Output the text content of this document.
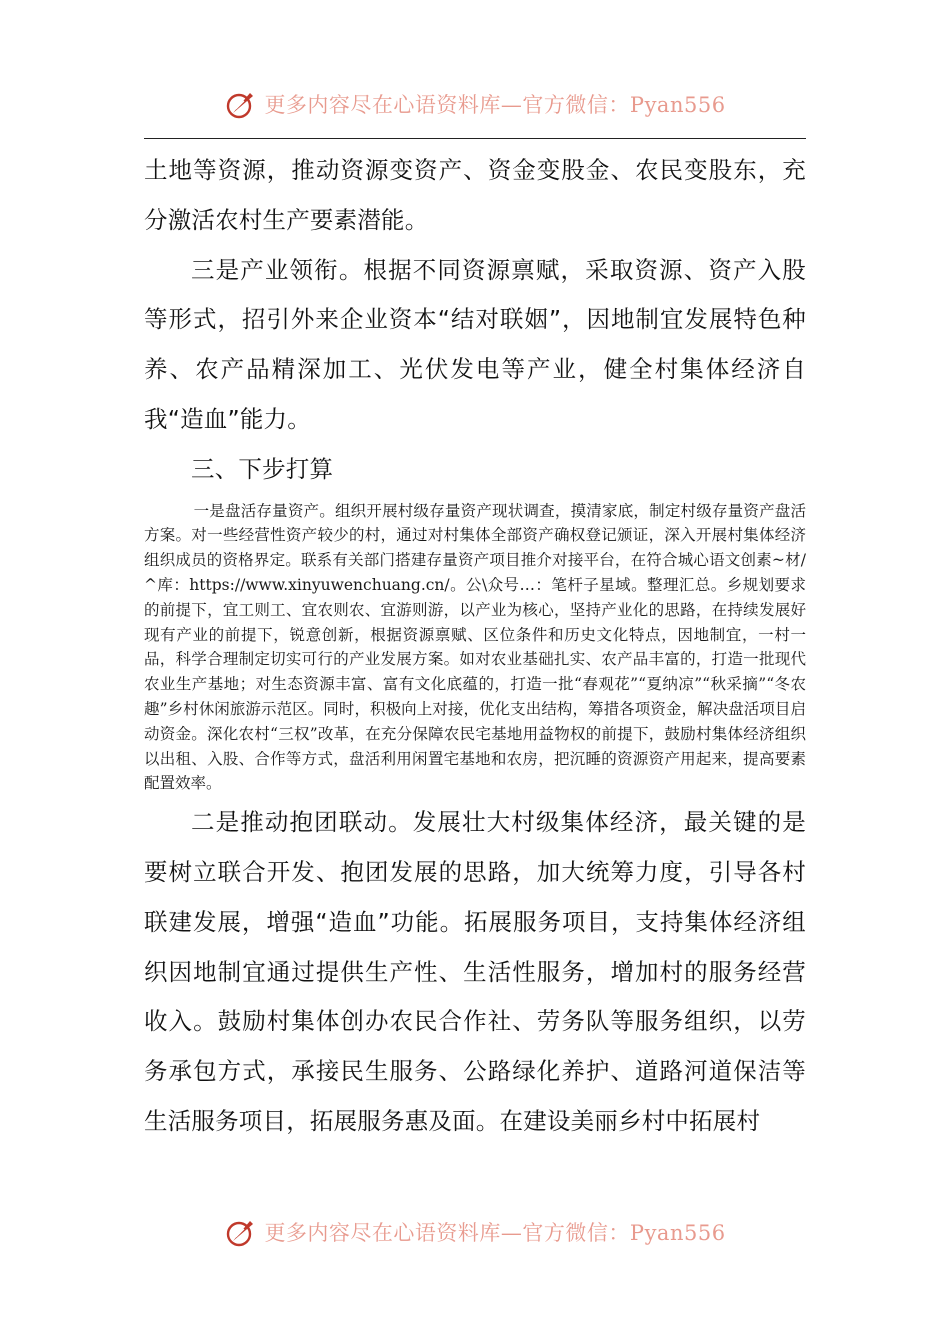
更多内容尽在心语资料库—官方微信：Pyan556

土地等资源，推动资源变资产、资金变股金、农民变股东，充分激活农村生产要素潜能。

三是产业领衔。根据不同资源禀赋，采取资源、资产入股等形式，招引外来企业资本“结对联姻”，因地制宜发展特色种养、农产品精深加工、光伏发电等产业，健全村集体经济自我“造血”能力。

三、下步打算

一是盘活存量资产。组织开展村级存量资产现状调查，摸清家底，制定村级存量资产盘活方案。对一些经营性资产较少的村，通过对村集体全部资产确权登记颁证，深入开展村集体经济组织成员的资格界定。联系有关部门搭建存量资产项目推介对接平台，在符合城心语文创素~材/^库：https://www.xinyuwenchuang.cn/。公\众号…：笔杆子星域。整理汇总。乡规划要求的前提下，宜工则工、宜农则农、宜游则游，以产业为核心，坚持产业化的思路，在持续发展好现有产业的前提下，锐意创新，根据资源禀赋、区位条件和历史文化特点，因地制宜，一村一品，科学合理制定切实可行的产业发展方案。如对农业基础扎实、农产品丰富的，打造一批现代农业生产基地；对生态资源丰富、富有文化底蕴的，打造一批“春观花”“夏纳凉”“秋采摘”“冬农趣”乡村休闲旅游示范区。同时，积极向上对接，优化支出结构，筹措各项资金，解决盘活项目启动资金。深化农村“三权”改革，在充分保障农民宅基地用益物权的前提下，鼓励村集体经济组织以出租、入股、合作等方式，盘活利用闲置宅基地和农房，把沉睡的资源资产用起来，提高要素配置效率。

二是推动抱团联动。发展壮大村级集体经济，最关键的是要树立联合开发、抱团发展的思路，加大统筹力度，引导各村联建发展，增强“造血”功能。拓展服务项目，支持集体经济组织因地制宜通过提供生产性、生活性服务，增加村的服务经营收入。鼓励村集体创办农民合作社、劳务队等服务组织，以劳务承包方式，承接民生服务、公路绿化养护、道路河道保洁等生活服务项目，拓展服务惠及面。在建设美丽乡村中拓展村

更多内容尽在心语资料库—官方微信：Pyan556
